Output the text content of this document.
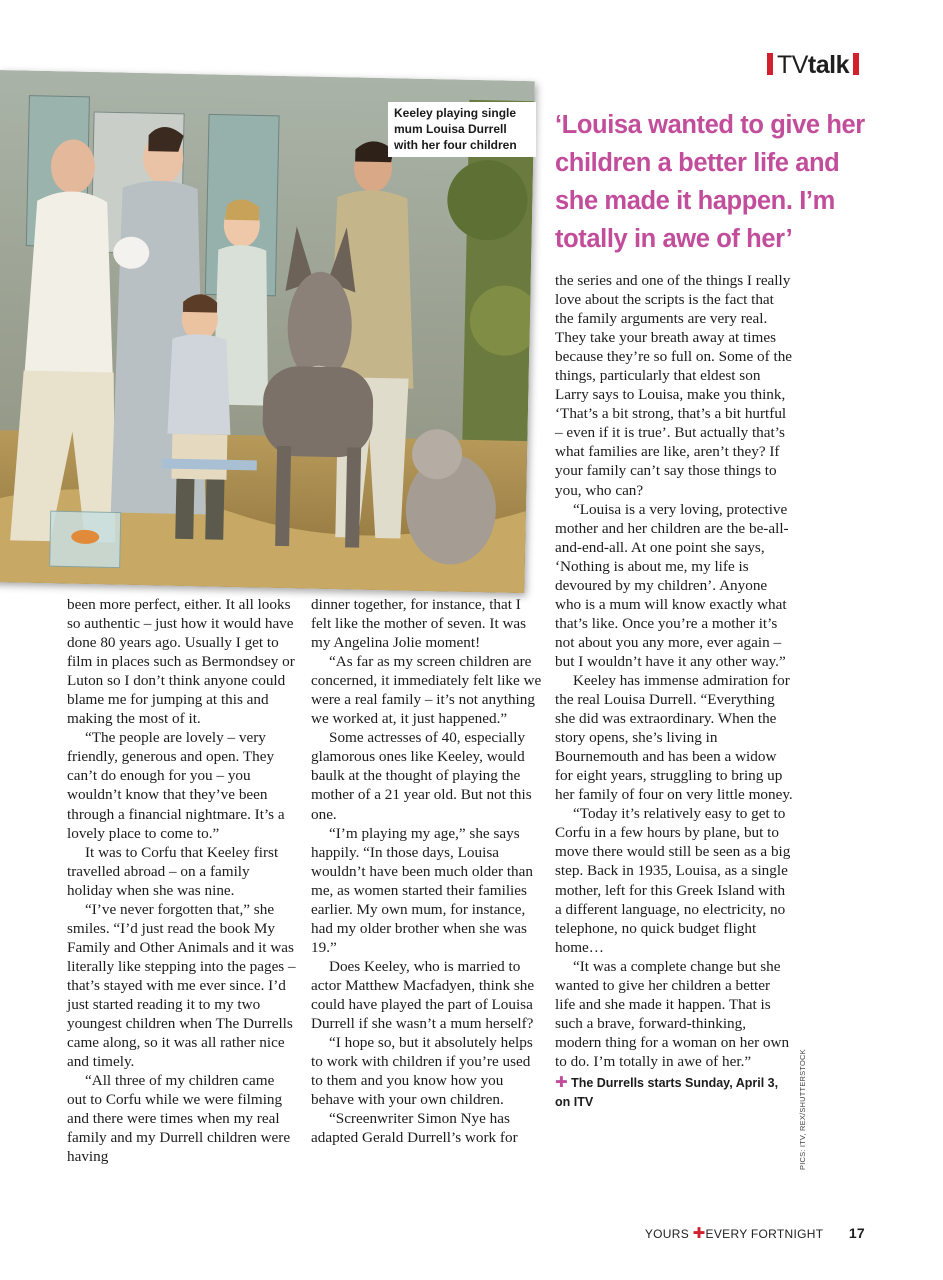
TVtalk
Keeley playing single mum Louisa Durrell with her four children
‘Louisa wanted to give her children a better life and she made it happen. I’m totally in awe of her’

been more perfect, either. It all looks so authentic – just how it would have done 80 years ago. Usually I get to film in places such as Bermondsey or Luton so I don’t think anyone could blame me for jumping at this and making the most of it.

“The people are lovely – very friendly, generous and open. They can’t do enough for you – you wouldn’t know that they’ve been through a financial nightmare. It’s a lovely place to come to.”

It was to Corfu that Keeley first travelled abroad – on a family holiday when she was nine.

“I’ve never forgotten that,” she smiles. “I’d just read the book My Family and Other Animals and it was literally like stepping into the pages – that’s stayed with me ever since. I’d just started reading it to my two youngest children when The Durrells came along, so it was all rather nice and timely.

“All three of my children came out to Corfu while we were filming and there were times when my real family and my Durrell children were having

dinner together, for instance, that I felt like the mother of seven. It was my Angelina Jolie moment!

“As far as my screen children are concerned, it immediately felt like we were a real family – it’s not anything we worked at, it just happened.”

Some actresses of 40, especially glamorous ones like Keeley, would baulk at the thought of playing the mother of a 21 year old. But not this one.

“I’m playing my age,” she says happily. “In those days, Louisa wouldn’t have been much older than me, as women started their families earlier. My own mum, for instance, had my older brother when she was 19.”

Does Keeley, who is married to actor Matthew Macfadyen, think she could have played the part of Louisa Durrell if she wasn’t a mum herself?

“I hope so, but it absolutely helps to work with children if you’re used to them and you know how you behave with your own children.

“Screenwriter Simon Nye has adapted Gerald Durrell’s work for

the series and one of the things I really love about the scripts is the fact that the family arguments are very real. They take your breath away at times because they’re so full on. Some of the things, particularly that eldest son Larry says to Louisa, make you think, ‘That’s a bit strong, that’s a bit hurtful – even if it is true’. But actually that’s what families are like, aren’t they? If your family can’t say those things to you, who can?

“Louisa is a very loving, protective mother and her children are the be-all-and-end-all. At one point she says, ‘Nothing is about me, my life is devoured by my children’. Anyone who is a mum will know exactly what that’s like. Once you’re a mother it’s not about you any more, ever again – but I wouldn’t have it any other way.”

Keeley has immense admiration for the real Louisa Durrell. “Everything she did was extraordinary. When the story opens, she’s living in Bournemouth and has been a widow for eight years, struggling to bring up her family of four on very little money.

“Today it’s relatively easy to get to Corfu in a few hours by plane, but to move there would still be seen as a big step. Back in 1935, Louisa, as a single mother, left for this Greek Island with a different language, no electricity, no telephone, no quick budget flight home…

“It was a complete change but she wanted to give her children a better life and she made it happen. That is such a brave, forward-thinking, modern thing for a woman on her own to do. I’m totally in awe of her.”

✚ The Durrells starts Sunday, April 3, on ITV	PICS: ITV, REX/SHUTTERSTOCK
YOURS ✚EVERY FORTNIGHT 17
